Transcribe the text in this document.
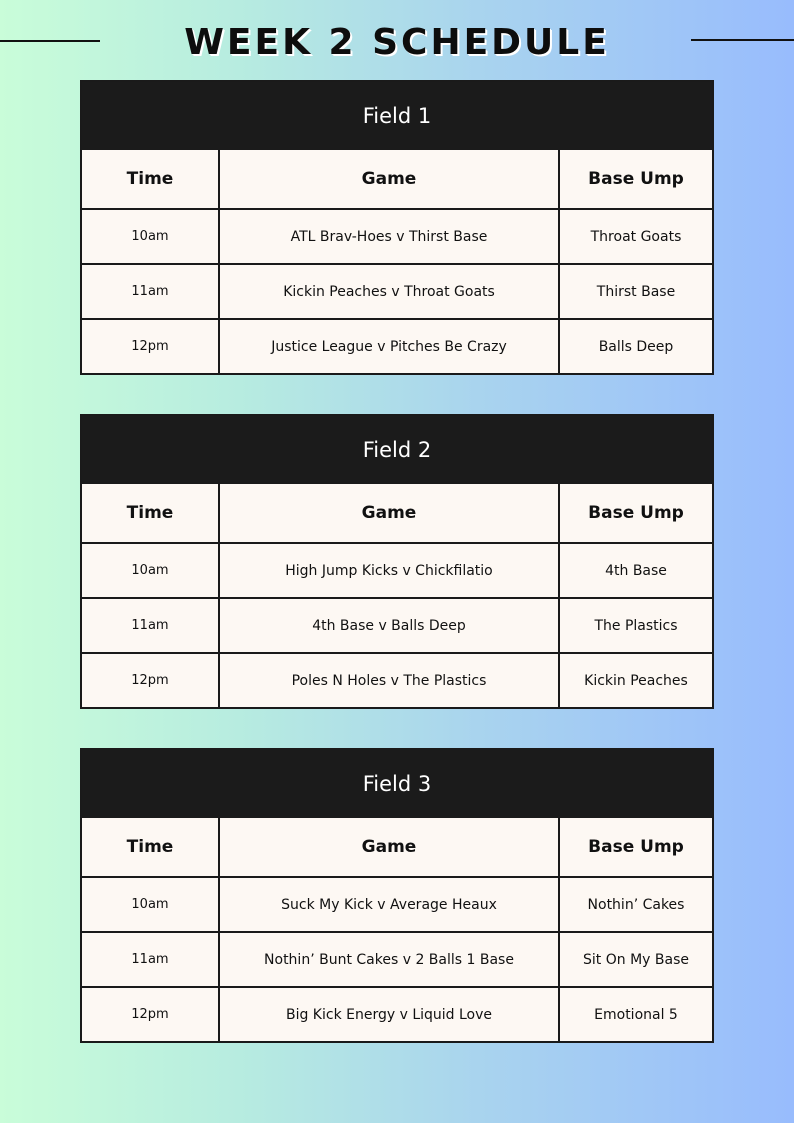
WEEK 2 SCHEDULE
Field 1
Time	Game	Base Ump
10am	ATL Brav-Hoes v Thirst Base	Throat Goats
11am	Kickin Peaches v Throat Goats	Thirst Base
12pm	Justice League v Pitches Be Crazy	Balls Deep
Field 2
Time	Game	Base Ump
10am	High Jump Kicks v Chickfilatio	4th Base
11am	4th Base v Balls Deep	The Plastics
12pm	Poles N Holes v The Plastics	Kickin Peaches
Field 3
Time	Game	Base Ump
10am	Suck My Kick v Average Heaux	Nothin’ Cakes
11am	Nothin’ Bunt Cakes v 2 Balls 1 Base	Sit On My Base
12pm	Big Kick Energy v Liquid Love	Emotional 5
